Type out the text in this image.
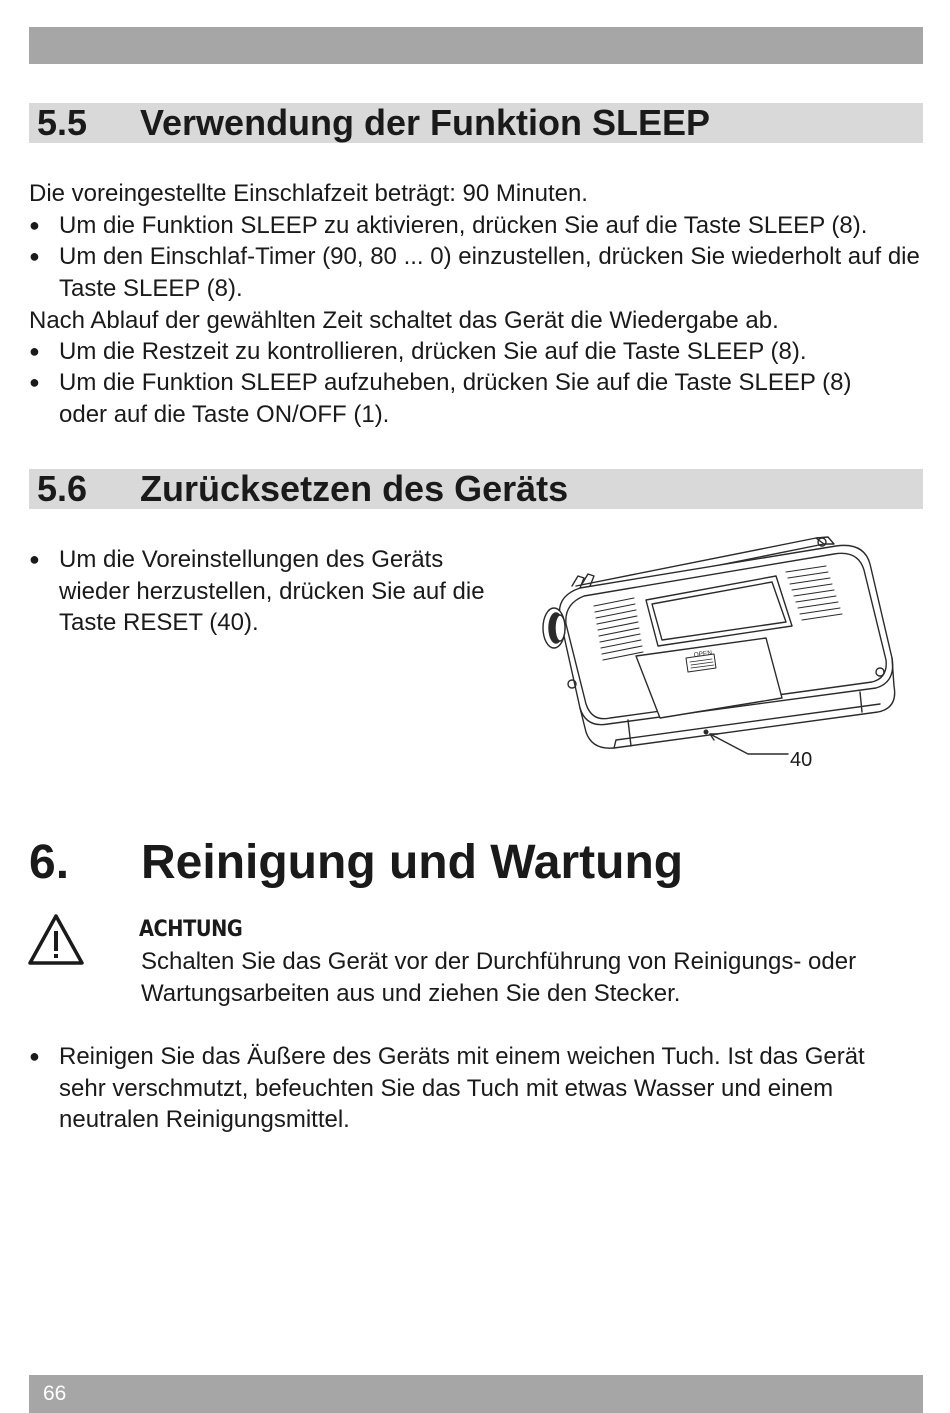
5.5 Verwendung der Funktion SLEEP

Die voreingestellte Einschlafzeit beträgt: 90 Minuten.

● Um die Funktion SLEEP zu aktivieren, drücken Sie auf die Taste SLEEP (8).
● Um den Einschlaf-Timer (90, 80 ... 0) einzustellen, drücken Sie wiederholt auf die Taste SLEEP (8).

Nach Ablauf der gewählten Zeit schaltet das Gerät die Wiedergabe ab.

● Um die Restzeit zu kontrollieren, drücken Sie auf die Taste SLEEP (8).
● Um die Funktion SLEEP aufzuheben, drücken Sie auf die Taste SLEEP (8) oder auf die Taste ON/OFF (1).
5.6 Zurücksetzen des Geräts
● Um die Voreinstellungen des Geräts wieder herzustellen, drücken Sie auf die Taste RESET (40).
OPEN
40
6. Reinigung und Wartung
ACHTUNG

Schalten Sie das Gerät vor der Durchführung von Reinigungs- oder Wartungsarbeiten aus und ziehen Sie den Stecker.

● Reinigen Sie das Äußere des Geräts mit einem weichen Tuch. Ist das Gerät sehr verschmutzt, befeuchten Sie das Tuch mit etwas Wasser und einem neutralen Reinigungsmittel.
66
